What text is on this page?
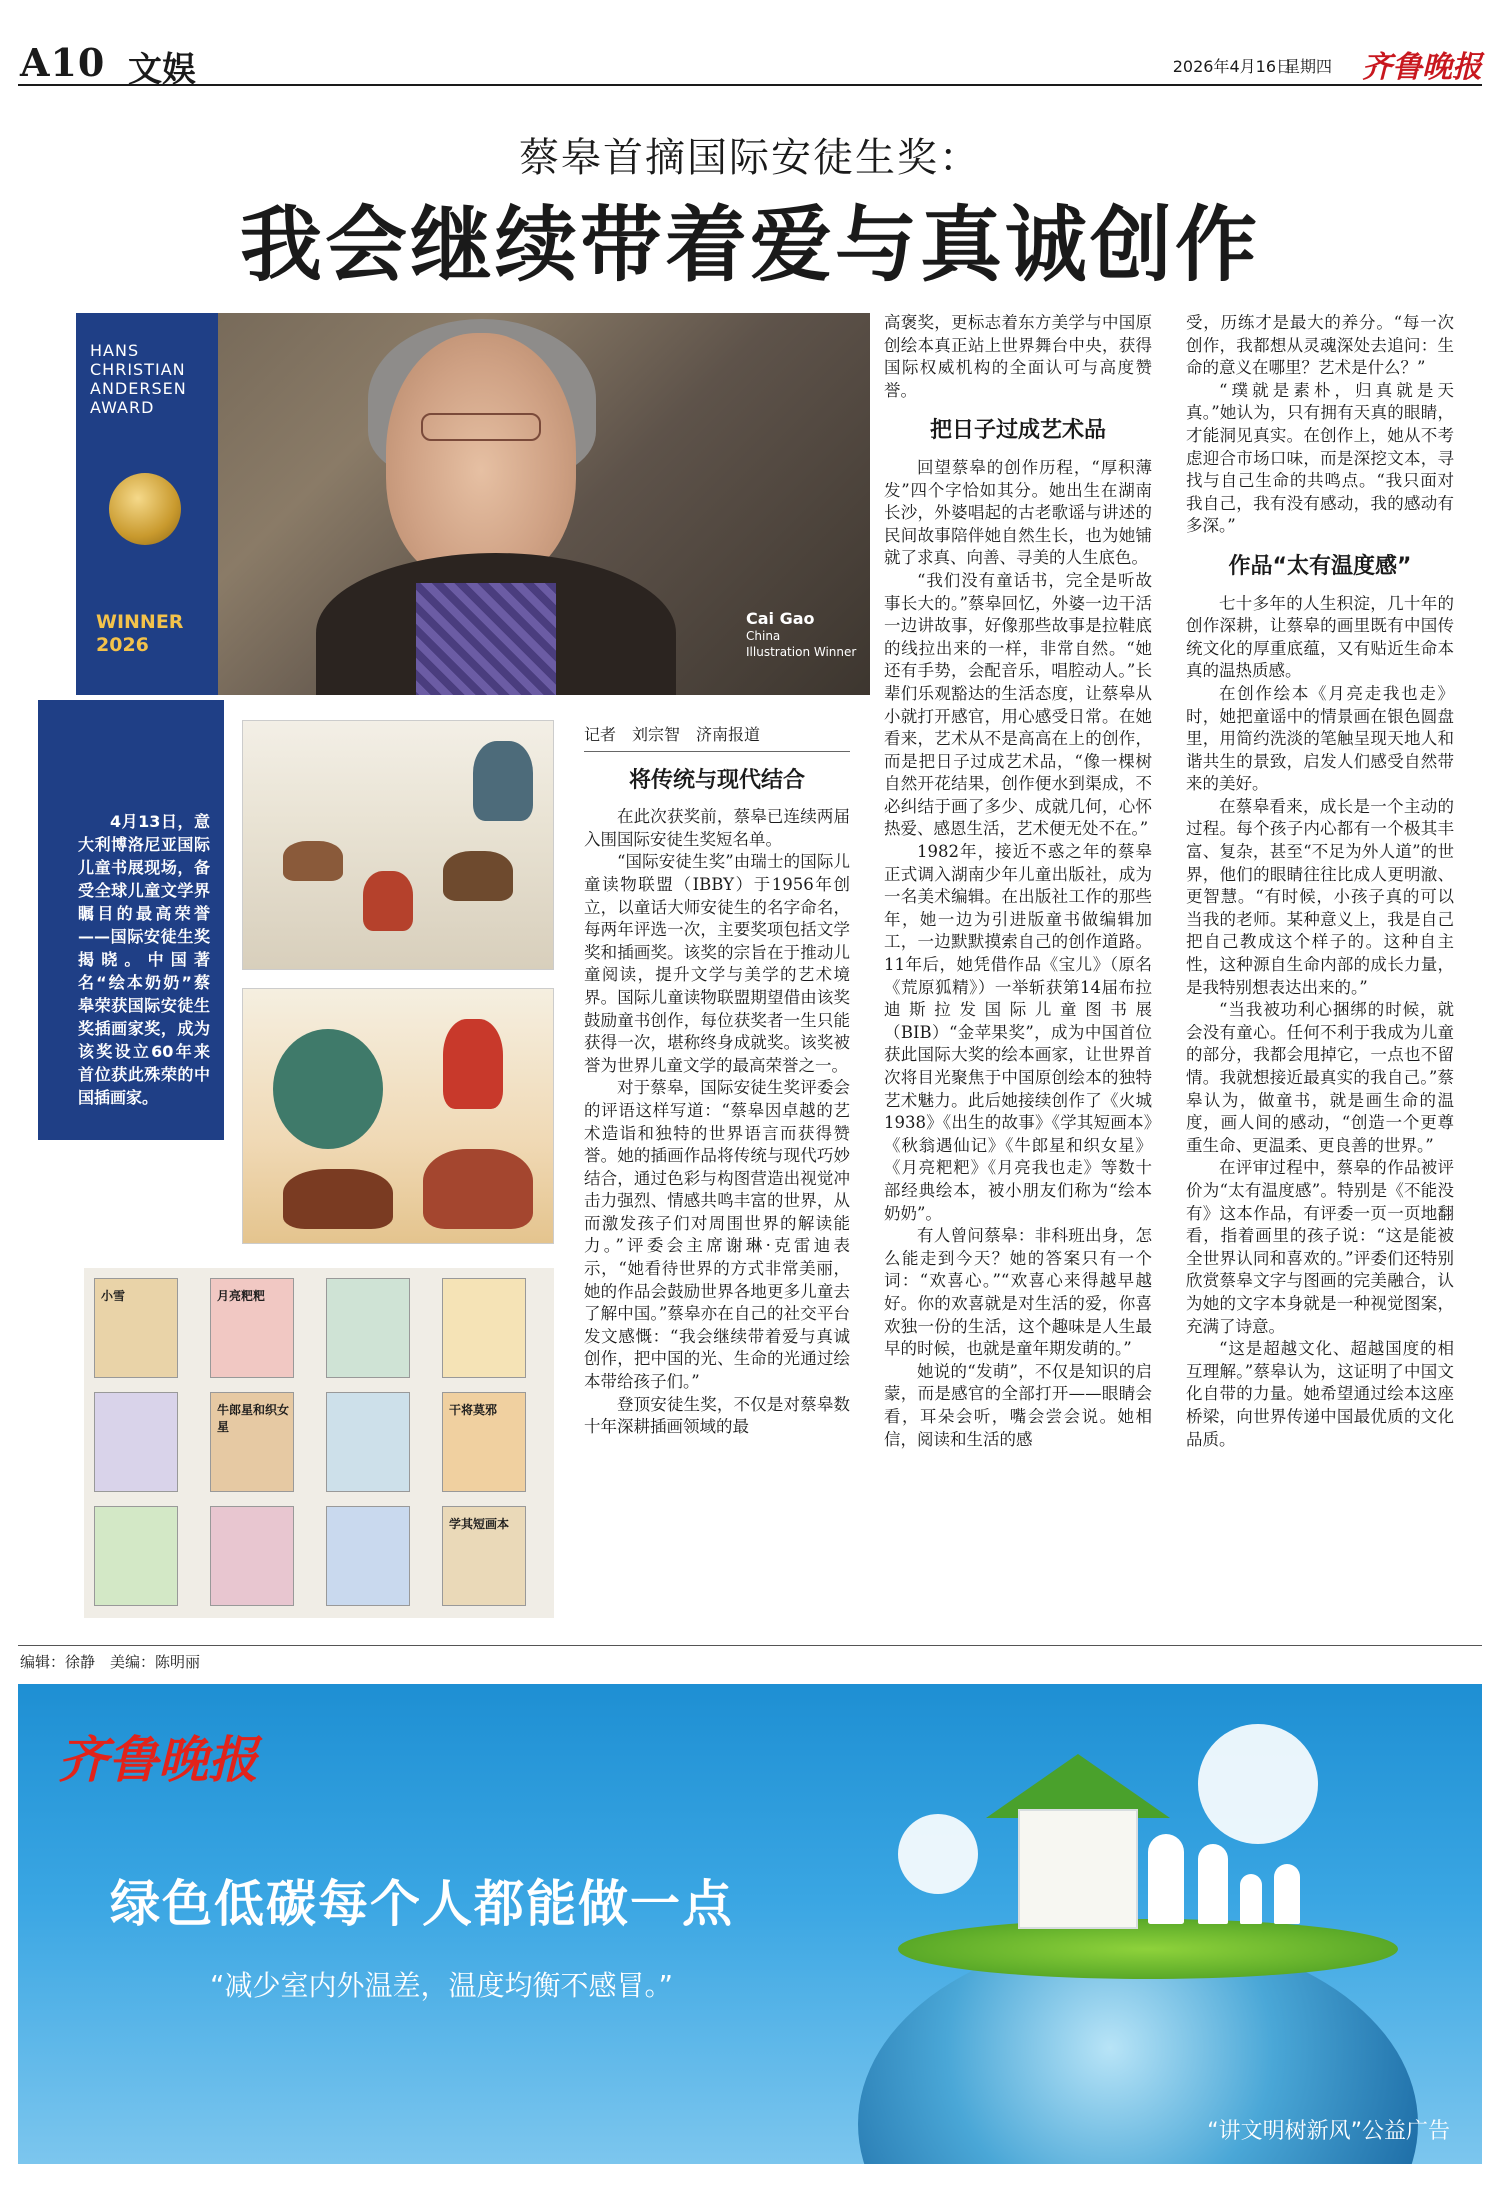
A10 文娱	2026年4月16日
星期四 齐鲁晚报
蔡皋首摘国际安徒生奖：
我会继续带着爱与真诚创作
HANS CHRISTIAN ANDERSEN AWARD
WINNER
2026
Cai Gao
China
Illustration Winner
4月13日，意大利博洛尼亚国际儿童书展现场，备受全球儿童文学界瞩目的最高荣誉——国际安徒生奖揭晓。中国著名“绘本奶奶”蔡皋荣获国际安徒生奖插画家奖，成为该奖设立60年来首位获此殊荣的中国插画家。
小雪	月亮粑粑
牛郎星和织女星
干将莫邪
学其短画本

记者　刘宗智　济南报道

将传统与现代结合

在此次获奖前，蔡皋已连续两届入围国际安徒生奖短名单。

“国际安徒生奖”由瑞士的国际儿童读物联盟（IBBY）于1956年创立，以童话大师安徒生的名字命名，每两年评选一次，主要奖项包括文学奖和插画奖。该奖的宗旨在于推动儿童阅读，提升文学与美学的艺术境界。国际儿童读物联盟期望借由该奖鼓励童书创作，每位获奖者一生只能获得一次，堪称终身成就奖。该奖被誉为世界儿童文学的最高荣誉之一。

对于蔡皋，国际安徒生奖评委会的评语这样写道：“蔡皋因卓越的艺术造诣和独特的世界语言而获得赞誉。她的插画作品将传统与现代巧妙结合，通过色彩与构图营造出视觉冲击力强烈、情感共鸣丰富的世界，从而激发孩子们对周围世界的解读能力。”评委会主席谢琳·克雷迪表示，“她看待世界的方式非常美丽，她的作品会鼓励世界各地更多儿童去了解中国。”蔡皋亦在自己的社交平台发文感慨：“我会继续带着爱与真诚创作，把中国的光、生命的光通过绘本带给孩子们。”

登顶安徒生奖，不仅是对蔡皋数十年深耕插画领域的最

高褒奖，更标志着东方美学与中国原创绘本真正站上世界舞台中央，获得国际权威机构的全面认可与高度赞誉。

把日子过成艺术品

回望蔡皋的创作历程，“厚积薄发”四个字恰如其分。她出生在湖南长沙，外婆唱起的古老歌谣与讲述的民间故事陪伴她自然生长，也为她铺就了求真、向善、寻美的人生底色。

“我们没有童话书，完全是听故事长大的。”蔡皋回忆，外婆一边干活一边讲故事，好像那些故事是拉鞋底的线拉出来的一样，非常自然。“她还有手势，会配音乐，唱腔动人。”长辈们乐观豁达的生活态度，让蔡皋从小就打开感官，用心感受日常。在她看来，艺术从不是高高在上的创作，而是把日子过成艺术品，“像一棵树自然开花结果，创作便水到渠成，不必纠结于画了多少、成就几何，心怀热爱、感恩生活，艺术便无处不在。”

1982年，接近不惑之年的蔡皋正式调入湖南少年儿童出版社，成为一名美术编辑。在出版社工作的那些年，她一边为引进版童书做编辑加工，一边默默摸索自己的创作道路。11年后，她凭借作品《宝儿》（原名《荒原狐精》）一举斩获第14届布拉迪斯拉发国际儿童图书展（BIB）“金苹果奖”，成为中国首位获此国际大奖的绘本画家，让世界首次将目光聚焦于中国原创绘本的独特艺术魅力。此后她接续创作了《火城1938》《出生的故事》《学其短画本》《秋翁遇仙记》《牛郎星和织女星》《月亮粑粑》《月亮我也走》等数十部经典绘本，被小朋友们称为“绘本奶奶”。

有人曾问蔡皋：非科班出身，怎么能走到今天？她的答案只有一个词：“欢喜心。”“欢喜心来得越早越好。你的欢喜就是对生活的爱，你喜欢独一份的生活，这个趣味是人生最早的时候，也就是童年期发萌的。”

她说的“发萌”，不仅是知识的启蒙，而是感官的全部打开——眼睛会看，耳朵会听，嘴会尝会说。她相信，阅读和生活的感

受，历练才是最大的养分。“每一次创作，我都想从灵魂深处去追问：生命的意义在哪里？艺术是什么？”

“璞就是素朴，归真就是天真。”她认为，只有拥有天真的眼睛，才能洞见真实。在创作上，她从不考虑迎合市场口味，而是深挖文本，寻找与自己生命的共鸣点。“我只面对我自己，我有没有感动，我的感动有多深。”

作品“太有温度感”

七十多年的人生积淀，几十年的创作深耕，让蔡皋的画里既有中国传统文化的厚重底蕴，又有贴近生命本真的温热质感。

在创作绘本《月亮走我也走》时，她把童谣中的情景画在银色圆盘里，用简约洗淡的笔触呈现天地人和谐共生的景致，启发人们感受自然带来的美好。

在蔡皋看来，成长是一个主动的过程。每个孩子内心都有一个极其丰富、复杂，甚至“不足为外人道”的世界，他们的眼睛往往比成人更明澈、更智慧。“有时候，小孩子真的可以当我的老师。某种意义上，我是自己把自己教成这个样子的。这种自主性，这种源自生命内部的成长力量，是我特别想表达出来的。”

“当我被功利心捆绑的时候，就会没有童心。任何不利于我成为儿童的部分，我都会甩掉它，一点也不留情。我就想接近最真实的我自己。”蔡皋认为，做童书，就是画生命的温度，画人间的感动，“创造一个更尊重生命、更温柔、更良善的世界。”

在评审过程中，蔡皋的作品被评价为“太有温度感”。特别是《不能没有》这本作品，有评委一页一页地翻看，指着画里的孩子说：“这是能被全世界认同和喜欢的。”评委们还特别欣赏蔡皋文字与图画的完美融合，认为她的文字本身就是一种视觉图案，充满了诗意。

“这是超越文化、超越国度的相互理解。”蔡皋认为，这证明了中国文化自带的力量。她希望通过绘本这座桥梁，向世界传递中国最优质的文化品质。

编辑：徐静　美编：陈明丽
齐鲁晚报
绿色低碳每个人都能做一点
“减少室内外温差，温度均衡不感冒。”
“讲文明树新风”公益广告
